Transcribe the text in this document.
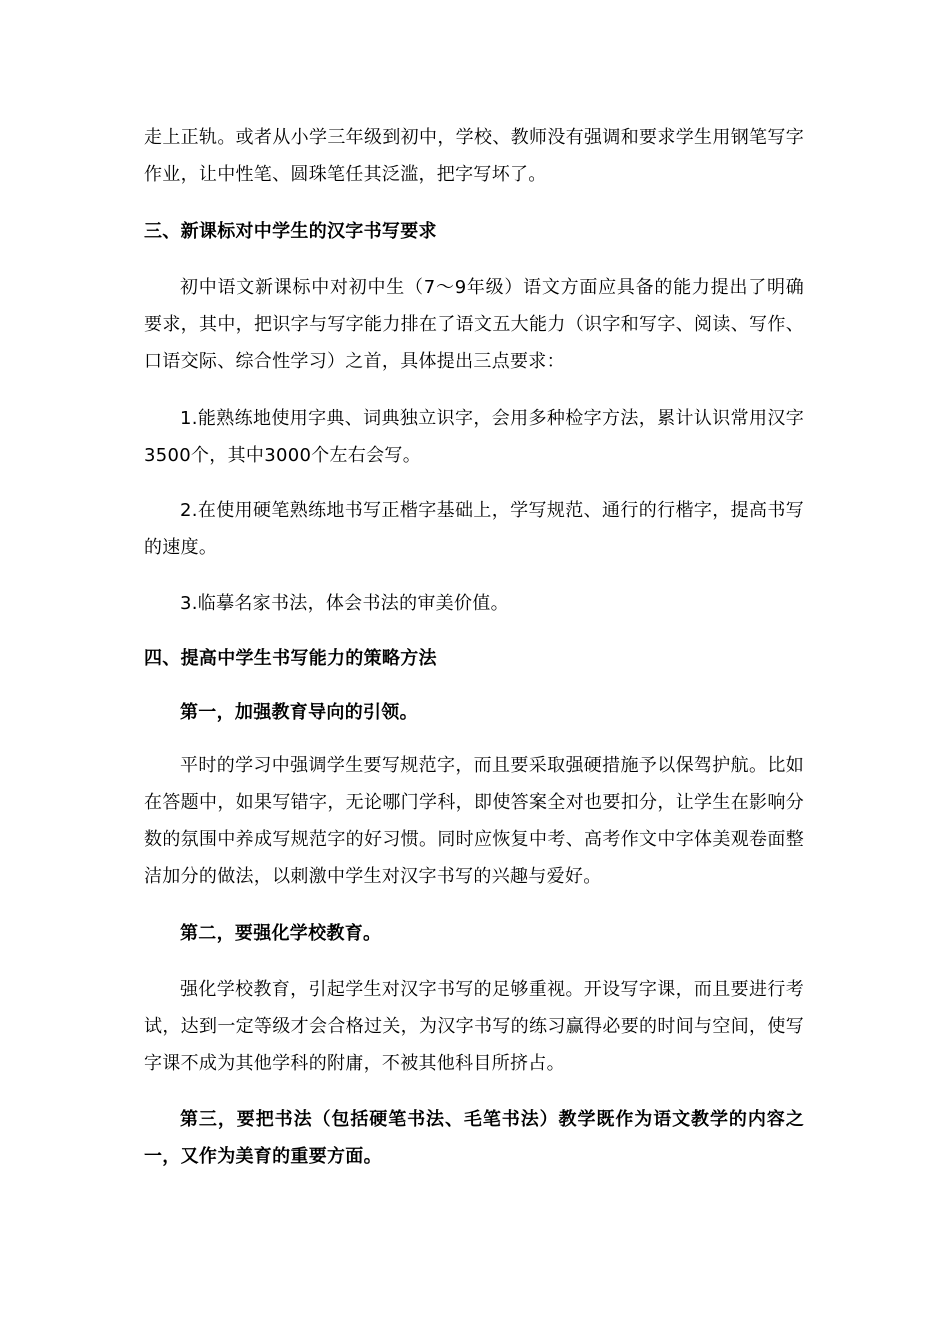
走上正轨。或者从小学三年级到初中，学校、教师没有强调和要求学生用钢笔写字作业，让中性笔、圆珠笔任其泛滥，把字写坏了。

三、新课标对中学生的汉字书写要求

初中语文新课标中对初中生（7～9年级）语文方面应具备的能力提出了明确要求，其中，把识字与写字能力排在了语文五大能力（识字和写字、阅读、写作、口语交际、综合性学习）之首，具体提出三点要求：

1.能熟练地使用字典、词典独立识字，会用多种检字方法，累计认识常用汉字3500个，其中3000个左右会写。

2.在使用硬笔熟练地书写正楷字基础上，学写规范、通行的行楷字，提高书写的速度。

3.临摹名家书法，体会书法的审美价值。

四、提高中学生书写能力的策略方法

第一，加强教育导向的引领。

平时的学习中强调学生要写规范字，而且要采取强硬措施予以保驾护航。比如在答题中，如果写错字，无论哪门学科，即使答案全对也要扣分，让学生在影响分数的氛围中养成写规范字的好习惯。同时应恢复中考、高考作文中字体美观卷面整洁加分的做法，以刺激中学生对汉字书写的兴趣与爱好。

第二，要强化学校教育。

强化学校教育，引起学生对汉字书写的足够重视。开设写字课，而且要进行考试，达到一定等级才会合格过关，为汉字书写的练习赢得必要的时间与空间，使写字课不成为其他学科的附庸，不被其他科目所挤占。

第三，要把书法（包括硬笔书法、毛笔书法）教学既作为语文教学的内容之一，又作为美育的重要方面。
